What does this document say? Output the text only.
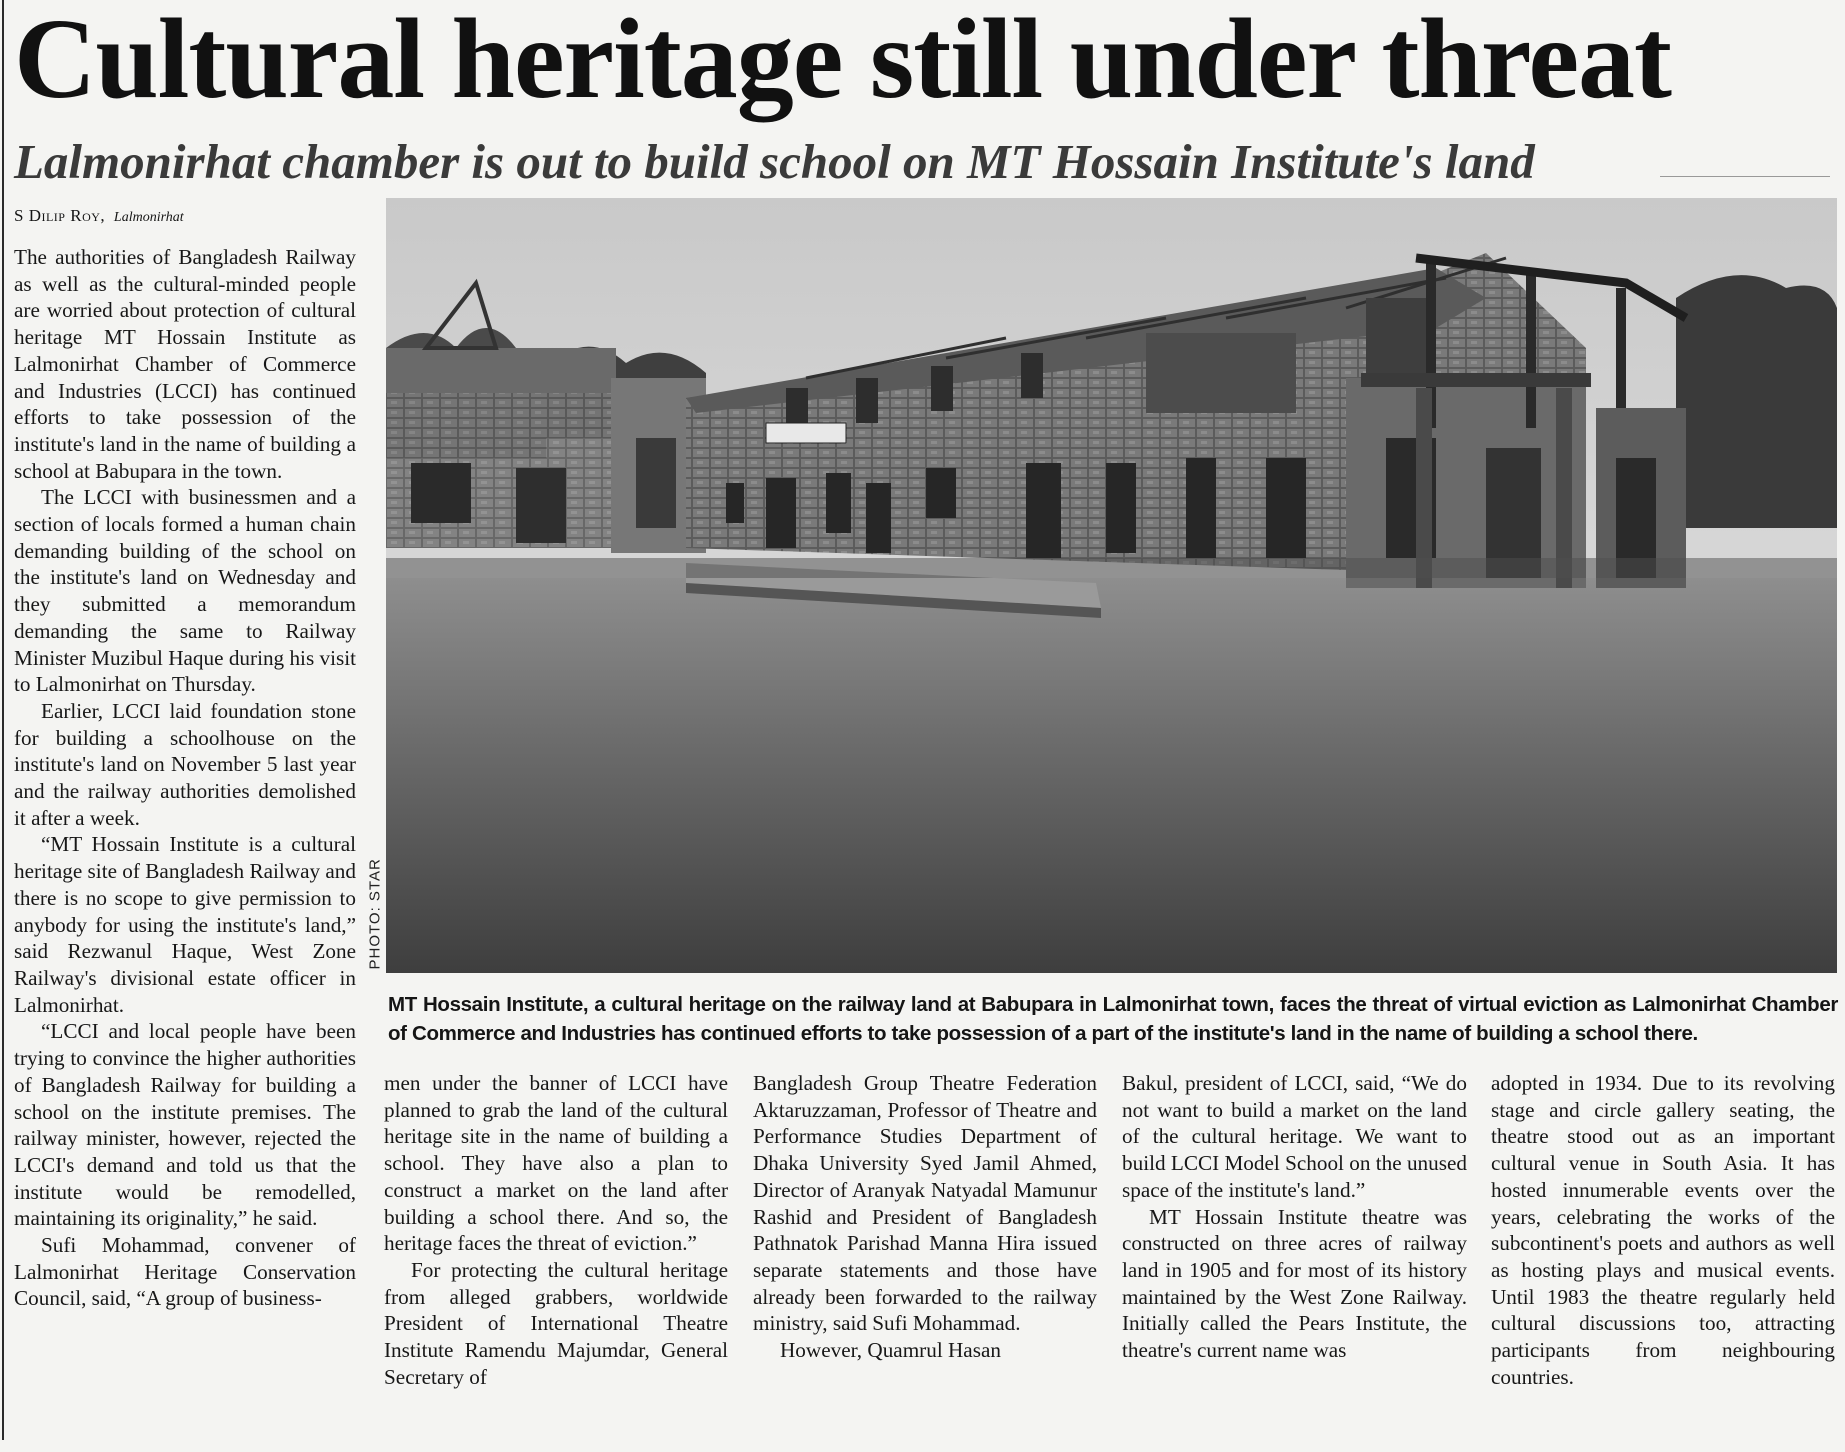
Cultural heritage still under threat
Lalmonirhat chamber is out to build school on MT Hossain Institute's land
S Dilip Roy, Lalmonirhat

The authorities of Bangladesh Railway as well as the cultural-minded people are worried about protection of cultural heritage MT Hossain Institute as Lalmonirhat Chamber of Commerce and Industries (LCCI) has continued efforts to take possession of the institute's land in the name of building a school at Babupara in the town.

The LCCI with businessmen and a section of locals formed a human chain demanding building of the school on the institute's land on Wednesday and they submitted a memorandum demanding the same to Railway Minister Muzibul Haque during his visit to Lalmonirhat on Thursday.

Earlier, LCCI laid foundation stone for building a schoolhouse on the institute's land on November 5 last year and the railway authorities demolished it after a week.

“MT Hossain Institute is a cultural heritage site of Bangladesh Railway and there is no scope to give permission to anybody for using the institute's land,” said Rezwanul Haque, West Zone Railway's divisional estate officer in Lalmonirhat.

“LCCI and local people have been trying to convince the higher authorities of Bangladesh Railway for building a school on the institute premises. The railway minister, however, rejected the LCCI's demand and told us that the institute would be remodelled, maintaining its originality,” he said.

Sufi Mohammad, convener of Lalmonirhat Heritage Conservation Council, said, “A group of business-

PHOTO: STAR
MT Hossain Institute, a cultural heritage on the railway land at Babupara in Lalmonirhat town, faces the threat of virtual eviction as Lalmonirhat Chamber of Commerce and Industries has continued efforts to take possession of a part of the institute's land in the name of building a school there.

men under the banner of LCCI have planned to grab the land of the cultural heritage site in the name of building a school. They have also a plan to construct a market on the land after building a school there. And so, the heritage faces the threat of eviction.”

For protecting the cultural heritage from alleged grabbers, worldwide President of International Theatre Institute Ramendu Majumdar, General Secretary of

Bangladesh Group Theatre Federation Aktaruzzaman, Professor of Theatre and Performance Studies Department of Dhaka University Syed Jamil Ahmed, Director of Aranyak Natyadal Mamunur Rashid and President of Bangladesh Pathnatok Parishad Manna Hira issued separate statements and those have already been forwarded to the railway ministry, said Sufi Mohammad.

However, Quamrul Hasan

Bakul, president of LCCI, said, “We do not want to build a market on the land of the cultural heritage. We want to build LCCI Model School on the unused space of the institute's land.”

MT Hossain Institute theatre was constructed on three acres of railway land in 1905 and for most of its history maintained by the West Zone Railway. Initially called the Pears Institute, the theatre's current name was

adopted in 1934. Due to its revolving stage and circle gallery seating, the theatre stood out as an important cultural venue in South Asia. It has hosted innumerable events over the years, celebrating the works of the subcontinent's poets and authors as well as hosting plays and musical events. Until 1983 the theatre regularly held cultural discussions too, attracting participants from neighbouring countries.
